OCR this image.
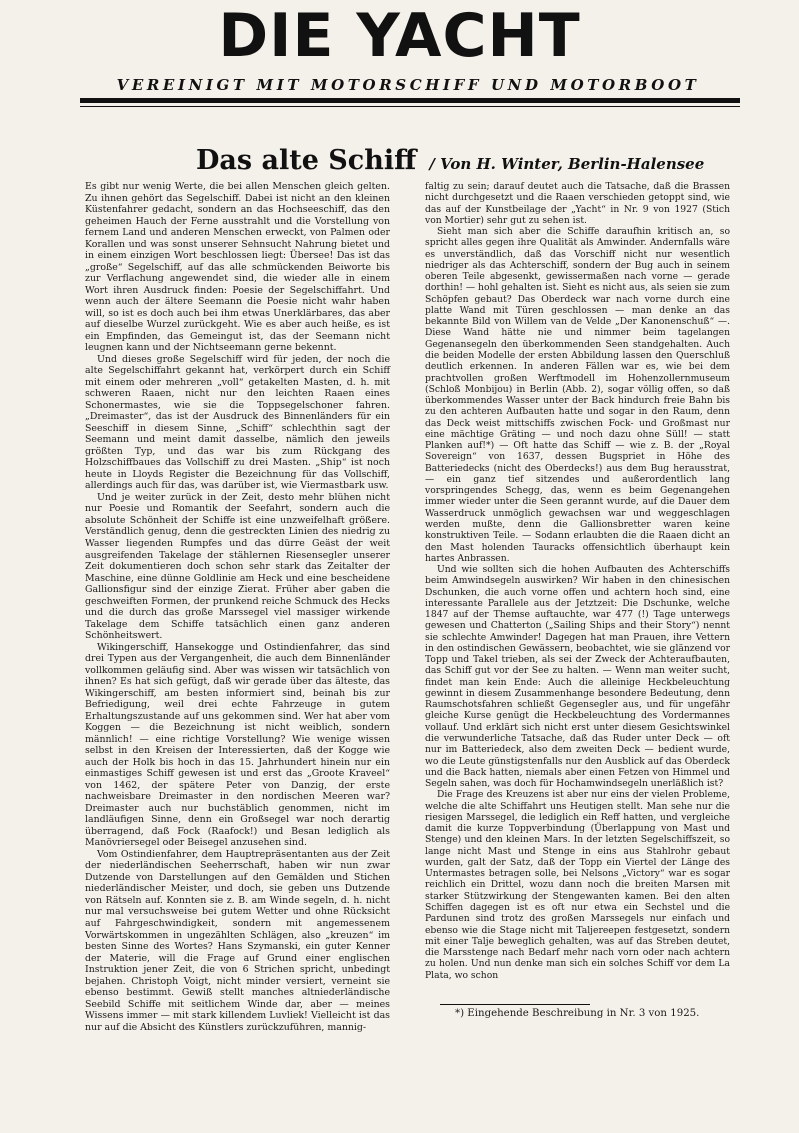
DIE YACHT
VEREINIGT MIT MOTORSCHIFF UND MOTORBOOT
Das alte Schiff / Von H. Winter, Berlin-Halensee

Es gibt nur wenig Werte, die bei allen Menschen gleich gelten. Zu ihnen gehört das Segelschiff. Dabei ist nicht an den kleinen Küstenfahrer gedacht, sondern an das Hochseeschiff, das den geheimen Hauch der Ferne ausstrahlt und die Vorstellung von fernem Land und anderen Menschen erweckt, von Palmen oder Korallen und was sonst unserer Sehnsucht Nahrung bietet und in einem einzigen Wort beschlossen liegt: Übersee! Das ist das „große“ Segelschiff, auf das alle schmückenden Beiworte bis zur Verflachung angewendet sind, die wieder alle in einem Wort ihren Ausdruck finden: Poesie der Segelschiffahrt. Und wenn auch der ältere Seemann die Poesie nicht wahr haben will, so ist es doch auch bei ihm etwas Unerklärbares, das aber auf dieselbe Wurzel zurückgeht. Wie es aber auch heiße, es ist ein Empfinden, das Gemeingut ist, das der Seemann nicht leugnen kann und der Nichtseemann gerne bekennt.

Und dieses große Segelschiff wird für jeden, der noch die alte Segelschiffahrt gekannt hat, verkörpert durch ein Schiff mit einem oder mehreren „voll“ getakelten Masten, d. h. mit schweren Raaen, nicht nur den leichten Raaen eines Schonermastes, wie sie die Toppsegelschoner fahren. „Dreimaster“, das ist der Ausdruck des Binnenländers für ein Seeschiff in diesem Sinne, „Schiff“ schlechthin sagt der Seemann und meint damit dasselbe, nämlich den jeweils größten Typ, und das war bis zum Rückgang des Holzschiffbaues das Vollschiff zu drei Masten. „Ship“ ist noch heute in Lloyds Register die Bezeichnung für das Vollschiff, allerdings auch für das, was darüber ist, wie Viermastbark usw.

Und je weiter zurück in der Zeit, desto mehr blühen nicht nur Poesie und Romantik der Seefahrt, sondern auch die absolute Schönheit der Schiffe ist eine unzweifelhaft größere. Verständlich genug, denn die gestreckten Linien des niedrig zu Wasser liegenden Rumpfes und das dürre Geäst der weit ausgreifenden Takelage der stählernen Riesensegler unserer Zeit dokumentieren doch schon sehr stark das Zeitalter der Maschine, eine dünne Goldlinie am Heck und eine bescheidene Gallionsfigur sind der einzige Zierat. Früher aber gaben die geschweiften Formen, der prunkend reiche Schmuck des Hecks und die durch das große Marssegel viel massiger wirkende Takelage dem Schiffe tatsächlich einen ganz anderen Schönheitswert.

Wikingerschiff, Hansekogge und Ostindienfahrer, das sind drei Typen aus der Vergangenheit, die auch dem Binnenländer vollkommen geläufig sind. Aber was wissen wir tatsächlich von ihnen? Es hat sich gefügt, daß wir gerade über das älteste, das Wikingerschiff, am besten informiert sind, beinah bis zur Befriedigung, weil drei echte Fahrzeuge in gutem Erhaltungszustande auf uns gekommen sind. Wer hat aber vom Koggen — die Bezeichnung ist nicht weiblich, sondern männlich! — eine richtige Vorstellung? Wie wenige wissen selbst in den Kreisen der Interessierten, daß der Kogge wie auch der Holk bis hoch in das 15. Jahrhundert hinein nur ein einmastiges Schiff gewesen ist und erst das „Groote Kraveel“ von 1462, der spätere Peter von Danzig, der erste nachweisbare Dreimaster in den nordischen Meeren war? Dreimaster auch nur buchstäblich genommen, nicht im landläufigen Sinne, denn ein Großsegel war noch derartig überragend, daß Fock (Raafock!) und Besan lediglich als Manövriersegel oder Beisegel anzusehen sind.

Vom Ostindienfahrer, dem Hauptrepräsentanten aus der Zeit der niederländischen Seeherrschaft, haben wir nun zwar Dutzende von Darstellungen auf den Gemälden und Stichen niederländischer Meister, und doch, sie geben uns Dutzende von Rätseln auf. Konnten sie z. B. am Winde segeln, d. h. nicht nur mal versuchsweise bei gutem Wetter und ohne Rücksicht auf Fahrgeschwindigkeit, sondern mit angemessenem Vorwärtskommen in ungezählten Schlägen, also „kreuzen“ im besten Sinne des Wortes? Hans Szymanski, ein guter Kenner der Materie, will die Frage auf Grund einer englischen Instruktion jener Zeit, die von 6 Strichen spricht, unbedingt bejahen. Christoph Voigt, nicht minder versiert, verneint sie ebenso bestimmt. Gewiß stellt manches altniederländische Seebild Schiffe mit seitlichem Winde dar, aber — meines Wissens immer — mit stark killendem Luvliek! Vielleicht ist das nur auf die Absicht des Künstlers zurückzuführen, mannig-

faltig zu sein; darauf deutet auch die Tatsache, daß die Brassen nicht durchgesetzt und die Raaen verschieden getoppt sind, wie das auf der Kunstbeilage der „Yacht“ in Nr. 9 von 1927 (Stich von Mortier) sehr gut zu sehen ist.

Sieht man sich aber die Schiffe daraufhin kritisch an, so spricht alles gegen ihre Qualität als Amwinder. Andernfalls wäre es unverständlich, daß das Vorschiff nicht nur wesentlich niedriger als das Achterschiff, sondern der Bug auch in seinem oberen Teile abgesenkt, gewissermaßen nach vorne — gerade dorthin! — hohl gehalten ist. Sieht es nicht aus, als seien sie zum Schöpfen gebaut? Das Oberdeck war nach vorne durch eine platte Wand mit Türen geschlossen — man denke an das bekannte Bild von Willem van de Velde „Der Kanonenschuß“ —. Diese Wand hätte nie und nimmer beim tagelangen Gegenansegeln den überkommenden Seen standgehalten. Auch die beiden Modelle der ersten Abbildung lassen den Querschluß deutlich erkennen. In anderen Fällen war es, wie bei dem prachtvollen großen Werftmodell im Hohenzollernmuseum (Schloß Monbijou) in Berlin (Abb. 2), sogar völlig offen, so daß überkommendes Wasser unter der Back hindurch freie Bahn bis zu den achteren Aufbauten hatte und sogar in den Raum, denn das Deck weist mittschiffs zwischen Fock- und Großmast nur eine mächtige Gräting — und noch dazu ohne Süll! — statt Planken auf!*) — Oft hatte das Schiff — wie z. B. der „Royal Sovereign“ von 1637, dessen Bugspriet in Höhe des Batteriedecks (nicht des Oberdecks!) aus dem Bug herausstrat, — ein ganz tief sitzendes und außerordentlich lang vorspringendes Schegg, das, wenn es beim Gegenangehen immer wieder unter die Seen gerannt wurde, auf die Dauer dem Wasserdruck unmöglich gewachsen war und weggeschlagen werden mußte, denn die Gallionsbretter waren keine konstruktiven Teile. — Sodann erlaubten die die Raaen dicht an den Mast holenden Tauracks offensichtlich überhaupt kein hartes Anbrassen.

Und wie sollten sich die hohen Aufbauten des Achterschiffs beim Amwindsegeln auswirken? Wir haben in den chinesischen Dschunken, die auch vorne offen und achtern hoch sind, eine interessante Parallele aus der Jetztzeit: Die Dschunke, welche 1847 auf der Themse auftauchte, war 477 (!) Tage unterwegs gewesen und Chatterton („Sailing Ships and their Story“) nennt sie schlechte Amwinder! Dagegen hat man Prauen, ihre Vettern in den ostindischen Gewässern, beobachtet, wie sie glänzend vor Topp und Takel trieben, als sei der Zweck der Achteraufbauten, das Schiff gut vor der See zu halten. — Wenn man weiter sucht, findet man kein Ende: Auch die alleinige Heckbeleuchtung gewinnt in diesem Zusammenhange besondere Bedeutung, denn Raumschotsfahren schließt Gegensegler aus, und für ungefähr gleiche Kurse genügt die Heckbeleuchtung des Vordermannes vollauf. Und erklärt sich nicht erst unter diesem Gesichtswinkel die verwunderliche Tatsache, daß das Ruder unter Deck — oft nur im Batteriedeck, also dem zweiten Deck — bedient wurde, wo die Leute günstigstenfalls nur den Ausblick auf das Oberdeck und die Back hatten, niemals aber einen Fetzen von Himmel und Segeln sahen, was doch für Hochamwindsegeln unerläßlich ist?

Die Frage des Kreuzens ist aber nur eins der vielen Probleme, welche die alte Schiffahrt uns Heutigen stellt. Man sehe nur die riesigen Marssegel, die lediglich ein Reff hatten, und vergleiche damit die kurze Toppverbindung (Überlappung von Mast und Stenge) und den kleinen Mars. In der letzten Segelschiffszeit, so lange nicht Mast und Stenge in eins aus Stahlrohr gebaut wurden, galt der Satz, daß der Topp ein Viertel der Länge des Untermastes betragen solle, bei Nelsons „Victory“ war es sogar reichlich ein Drittel, wozu dann noch die breiten Marsen mit starker Stützwirkung der Stengewanten kamen. Bei den alten Schiffen dagegen ist es oft nur etwa ein Sechstel und die Pardunen sind trotz des großen Marssegels nur einfach und ebenso wie die Stage nicht mit Taljereepen festgesetzt, sondern mit einer Talje beweglich gehalten, was auf das Streben deutet, die Marsstenge nach Bedarf mehr nach vorn oder nach achtern zu holen. Und nun denke man sich ein solches Schiff vor dem La Plata, wo schon

*) Eingehende Beschreibung in Nr. 3 von 1925.
